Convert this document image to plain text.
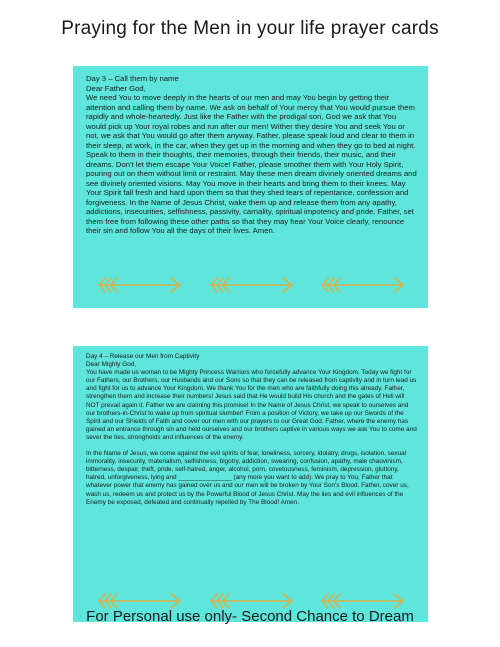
Praying for the Men in your life prayer cards
Day 3 – Call them by name
Dear Father God,

We need You to move deeply in the hearts of our men and may You begin by getting their attention and calling them by name. We ask on behalf of Your mercy that You would pursue them rapidly and whole-heartedly. Just like the Father with the prodigal son, God we ask that You would pick up Your royal robes and run after our men! Wither they desire You and seek You or not, we ask that You would go after them anyway. Father, please speak loud and clear to them in their sleep, at work, in the car, when they get up in the morning and when they go to bed at night. Speak to them in their thoughts, their memories, through their friends, their music, and their dreams. Don't let them escape Your Voice! Father, please smother them with Your Holy Spirit, pouring out on them without limit or restraint. May these men dream divinely oriented dreams and see divinely oriented visions. May You move in their hearts and bring them to their knees. May Your Spirit fall fresh and hard upon them so that they shed tears of repentance, confession and forgiveness. In the Name of Jesus Christ, wake them up and release them from any apathy, addictions, insecurities, selfishness, passivity, carnality, spiritual impotency and pride. Father, set them free from following these other paths so that they may hear Your Voice clearly, renounce their sin and follow You all the days of their lives. Amen.

Day 4 – Release our Men from Captivity
Dear Mighty God,

You have made us woman to be Mighty Princess Warriors who forcefully advance Your Kingdom. Today we fight for our Fathers, our Brothers, our Husbands and our Sons so that they can be released from captivity and in turn lead us and fight for us to advance Your Kingdom. We thank You for the men who are faithfully doing this already. Father, strengthen them and increase their numbers! Jesus said that He would build His church and the gates of Hell will NOT prevail again it. Father we are claiming this promise! In the Name of Jesus Christ, we speak to ourselves and our brothers-in-Christ to wake up from spiritual slumber! From a position of Victory, we take up our Swords of the Spirit and our Shields of Faith and cover our men with our prayers to our Great God. Father, where the enemy has gained an entrance through sin and held ourselves and our brothers captive in various ways we ask You to come and sever the ties, strongholds and influences of the enemy.

In the Name of Jesus, we come against the evil spirits of fear, loneliness, sorcery, idolatry, drugs, isolation, sexual immorality, insecurity, materialism, selfishness, bigotry, addiction, swearing, confusion, apathy, male chauvinism, bitterness, despair, theft, pride, self-hatred, anger, alcohol, porn, covetousness, feminism, depression, gluttony, hatred, unforgiveness, lying and _______________ (any more you want to add). We pray to You, Father that whatever power that enemy has gained over us and our men will be broken by Your Son's Blood. Father, cover us, wash us, redeem us and protect us by the Powerful Blood of Jesus Christ. May the lies and evil influences of the Enemy be exposed, defeated and continually repelled by The Blood! Amen.

For Personal use only- Second Chance to Dream
